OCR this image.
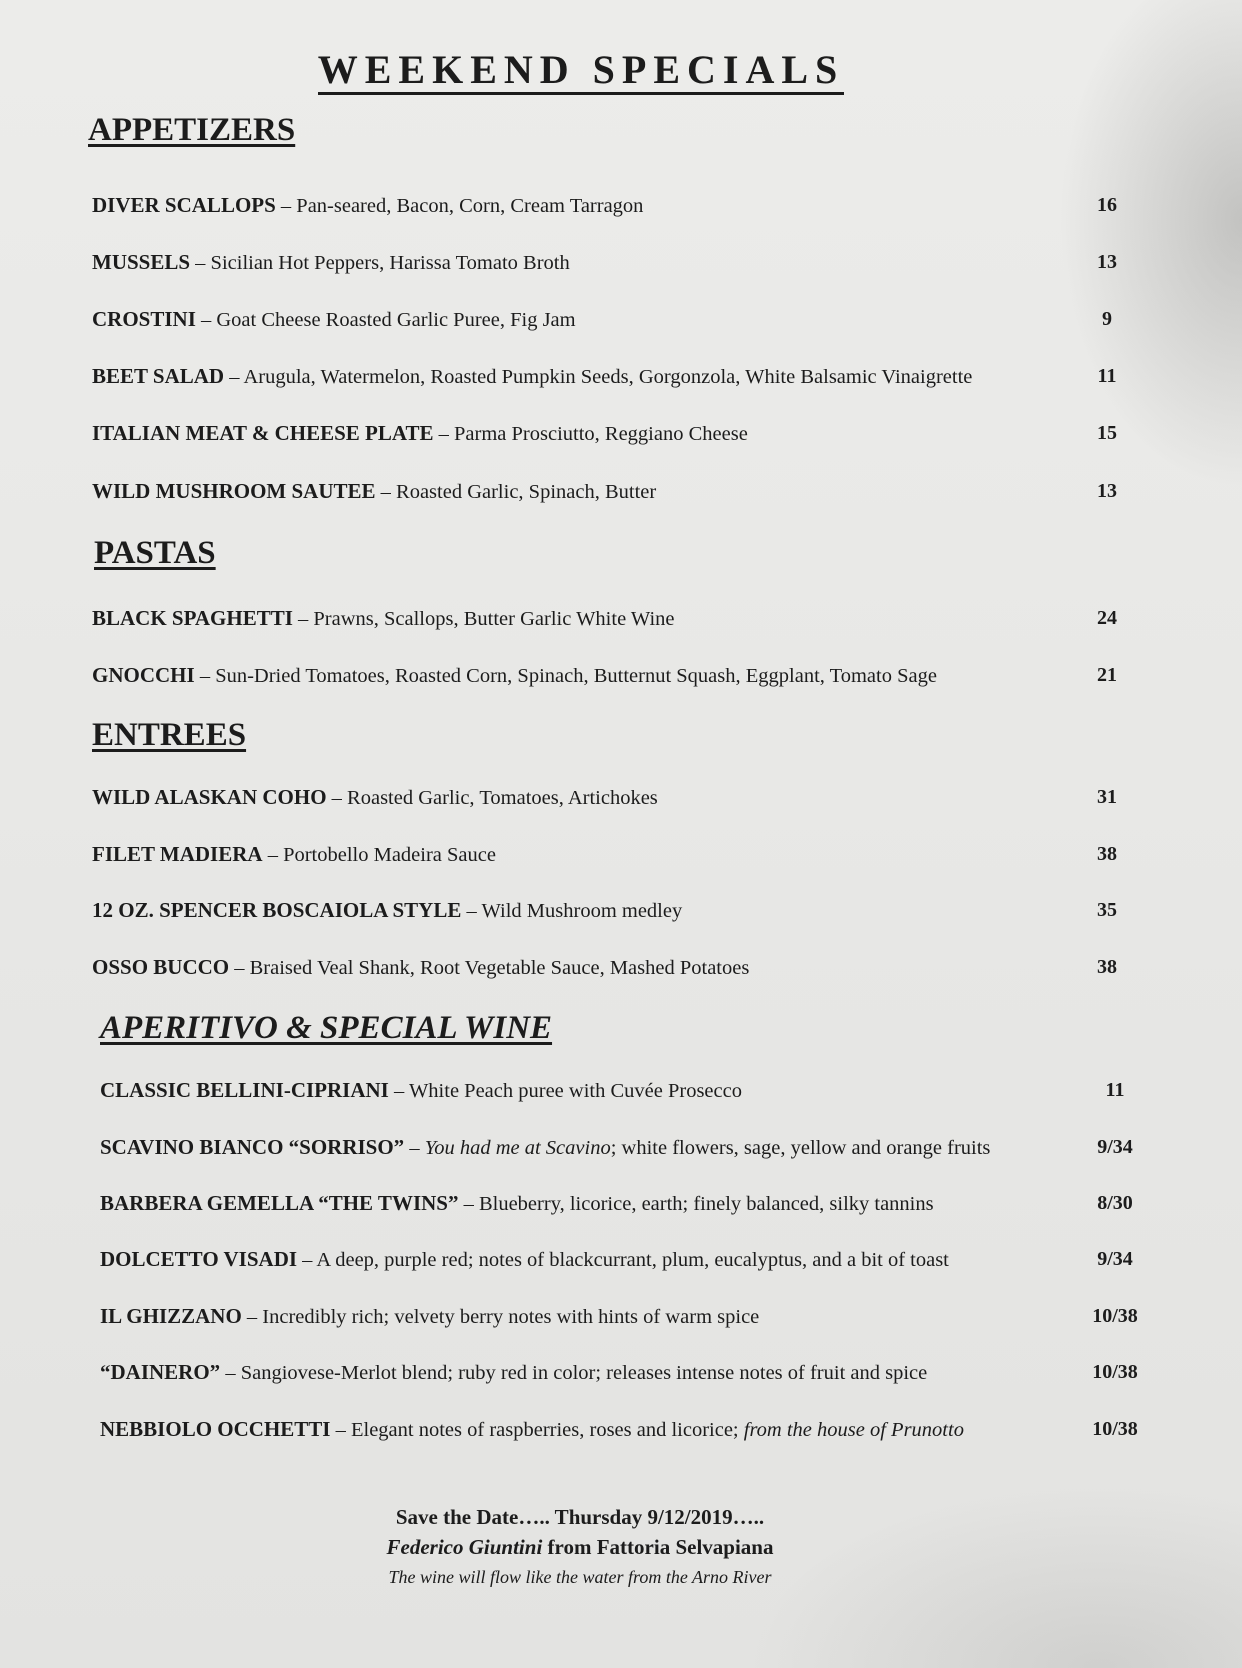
WEEKEND SPECIALS
APPETIZERS
DIVER SCALLOPS – Pan-seared, Bacon, Corn, Cream Tarragon	16
MUSSELS – Sicilian Hot Peppers, Harissa Tomato Broth	13
CROSTINI – Goat Cheese Roasted Garlic Puree, Fig Jam	9
BEET SALAD – Arugula, Watermelon, Roasted Pumpkin Seeds, Gorgonzola, White Balsamic Vinaigrette	11
ITALIAN MEAT & CHEESE PLATE – Parma Prosciutto, Reggiano Cheese	15
WILD MUSHROOM SAUTEE – Roasted Garlic, Spinach, Butter	13
PASTAS
BLACK SPAGHETTI – Prawns, Scallops, Butter Garlic White Wine	24
GNOCCHI – Sun-Dried Tomatoes, Roasted Corn, Spinach, Butternut Squash, Eggplant, Tomato Sage	21
ENTREES
WILD ALASKAN COHO – Roasted Garlic, Tomatoes, Artichokes	31
FILET MADIERA – Portobello Madeira Sauce	38
12 OZ. SPENCER BOSCAIOLA STYLE – Wild Mushroom medley	35
OSSO BUCCO – Braised Veal Shank, Root Vegetable Sauce, Mashed Potatoes	38
APERITIVO & SPECIAL WINE
CLASSIC BELLINI-CIPRIANI – White Peach puree with Cuvée Prosecco	11
SCAVINO BIANCO “SORRISO” – You had me at Scavino; white flowers, sage, yellow and orange fruits	9/34
BARBERA GEMELLA “THE TWINS” – Blueberry, licorice, earth; finely balanced, silky tannins	8/30
DOLCETTO VISADI – A deep, purple red; notes of blackcurrant, plum, eucalyptus, and a bit of toast	9/34
IL GHIZZANO – Incredibly rich; velvety berry notes with hints of warm spice	10/38
“DAINERO” – Sangiovese-Merlot blend; ruby red in color; releases intense notes of fruit and spice	10/38
NEBBIOLO OCCHETTI – Elegant notes of raspberries, roses and licorice; from the house of Prunotto	10/38
Save the Date….. Thursday 9/12/2019…..
Federico Giuntini from Fattoria Selvapiana
The wine will flow like the water from the Arno River
